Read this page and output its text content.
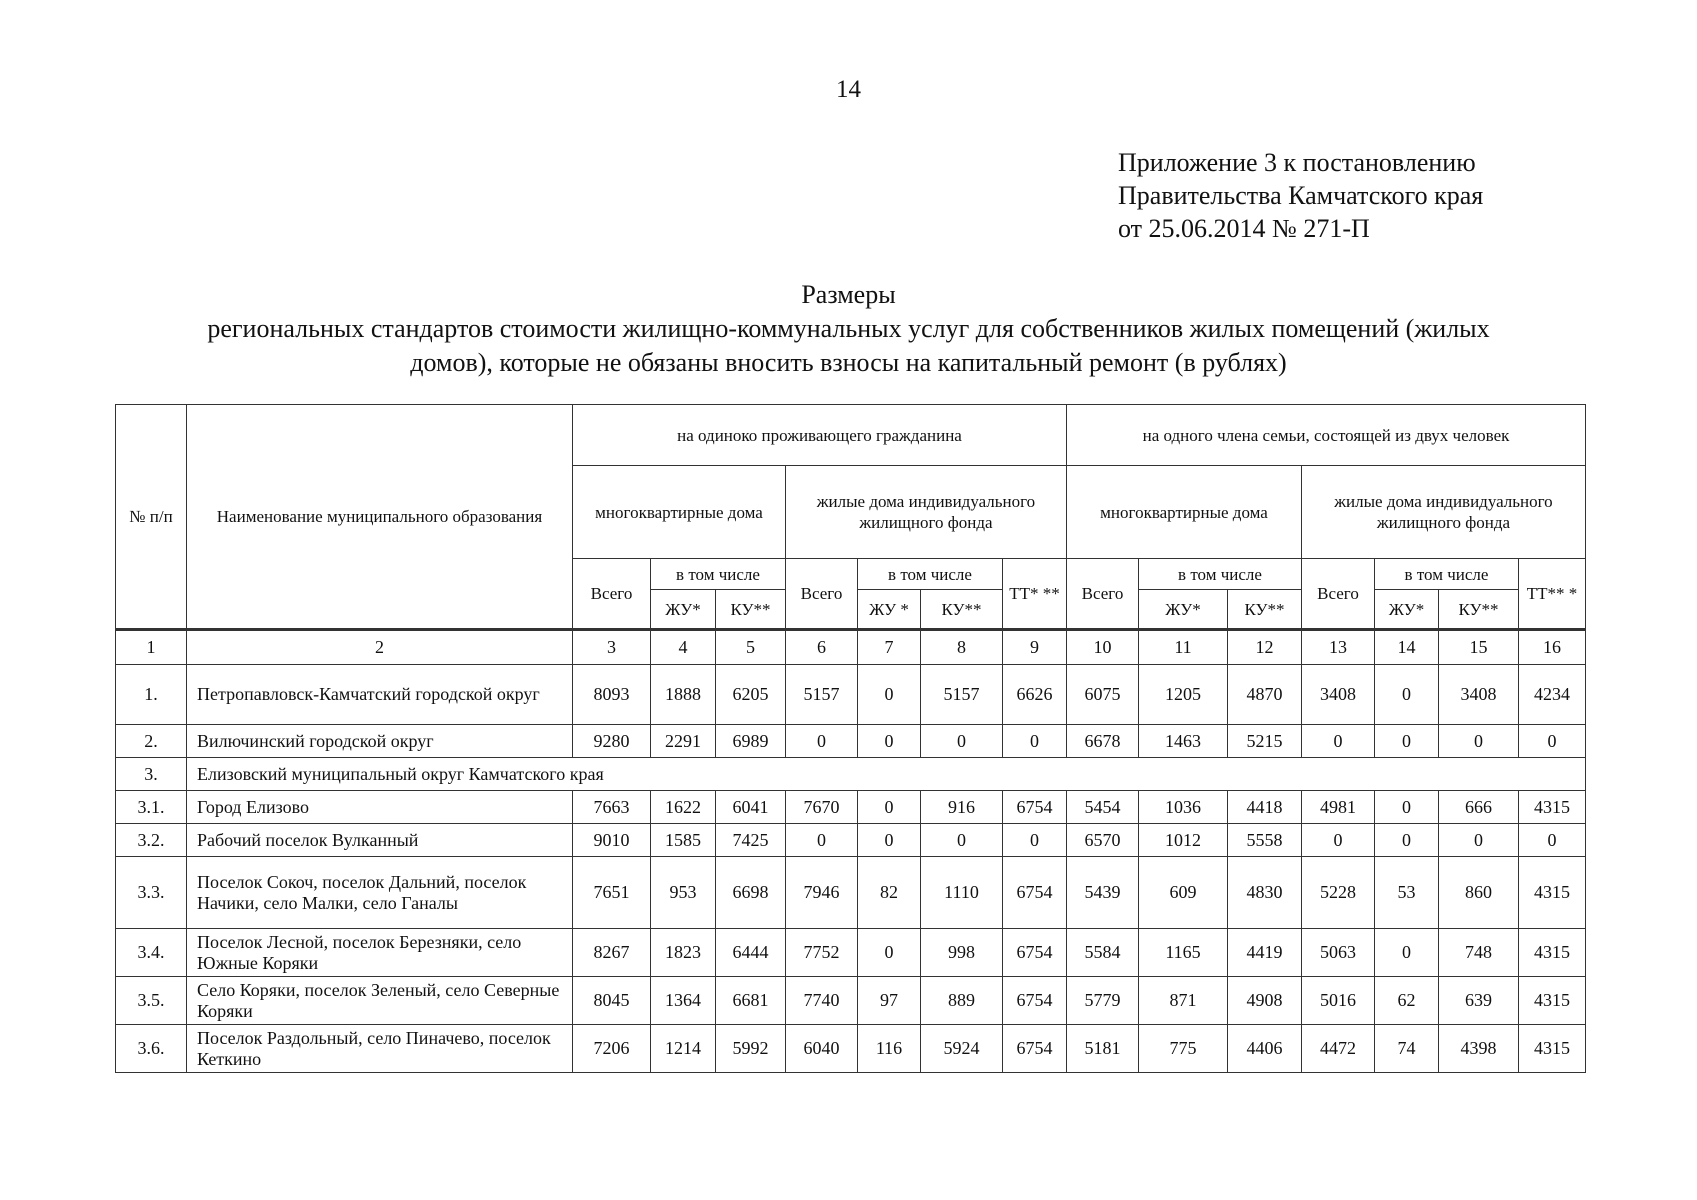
14
Приложение 3 к постановлению
Правительства Камчатского края
от 25.06.2014 № 271-П
Размеры
региональных стандартов стоимости жилищно-коммунальных услуг для собственников жилых помещений (жилых
домов), которые не обязаны вносить взносы на капитальный ремонт (в рублях)
№ п/п	Наименование муниципального образования	на одиноко проживающего гражданина							на одного члена семьи, состоящей из двух человек						
		многоквартирные дома			жилые дома индивидуального жилищного фонда				многоквартирные дома			жилые дома индивидуального жилищного фонда			
		Всего	в том числе		Всего	в том числе		ТТ* **	Всего	в том числе		Всего	в том числе		ТТ** *
			ЖУ*	КУ**		ЖУ *	КУ**			ЖУ*	КУ**		ЖУ*	КУ**	
1	2	3	4	5	6	7	8	9	10	11	12	13	14	15	16
1.	Петропавловск-Камчатский городской округ	8093	1888	6205	5157	0	5157	6626	6075	1205	4870	3408	0	3408	4234
2.	Вилючинский городской округ	9280	2291	6989	0	0	0	0	6678	1463	5215	0	0	0	0
3.	Елизовский муниципальный округ Камчатского края														
3.1.	Город Елизово	7663	1622	6041	7670	0	916	6754	5454	1036	4418	4981	0	666	4315
3.2.	Рабочий поселок Вулканный	9010	1585	7425	0	0	0	0	6570	1012	5558	0	0	0	0
3.3.	Поселок Сокоч, поселок Дальний, поселок Начики, село Малки, село Ганалы	7651	953	6698	7946	82	1110	6754	5439	609	4830	5228	53	860	4315
3.4.	Поселок Лесной, поселок Березняки, село Южные Коряки	8267	1823	6444	7752	0	998	6754	5584	1165	4419	5063	0	748	4315
3.5.	Село Коряки, поселок Зеленый, село Северные Коряки	8045	1364	6681	7740	97	889	6754	5779	871	4908	5016	62	639	4315
3.6.	Поселок Раздольный, село Пиначево, поселок Кеткино	7206	1214	5992	6040	116	5924	6754	5181	775	4406	4472	74	4398	4315
